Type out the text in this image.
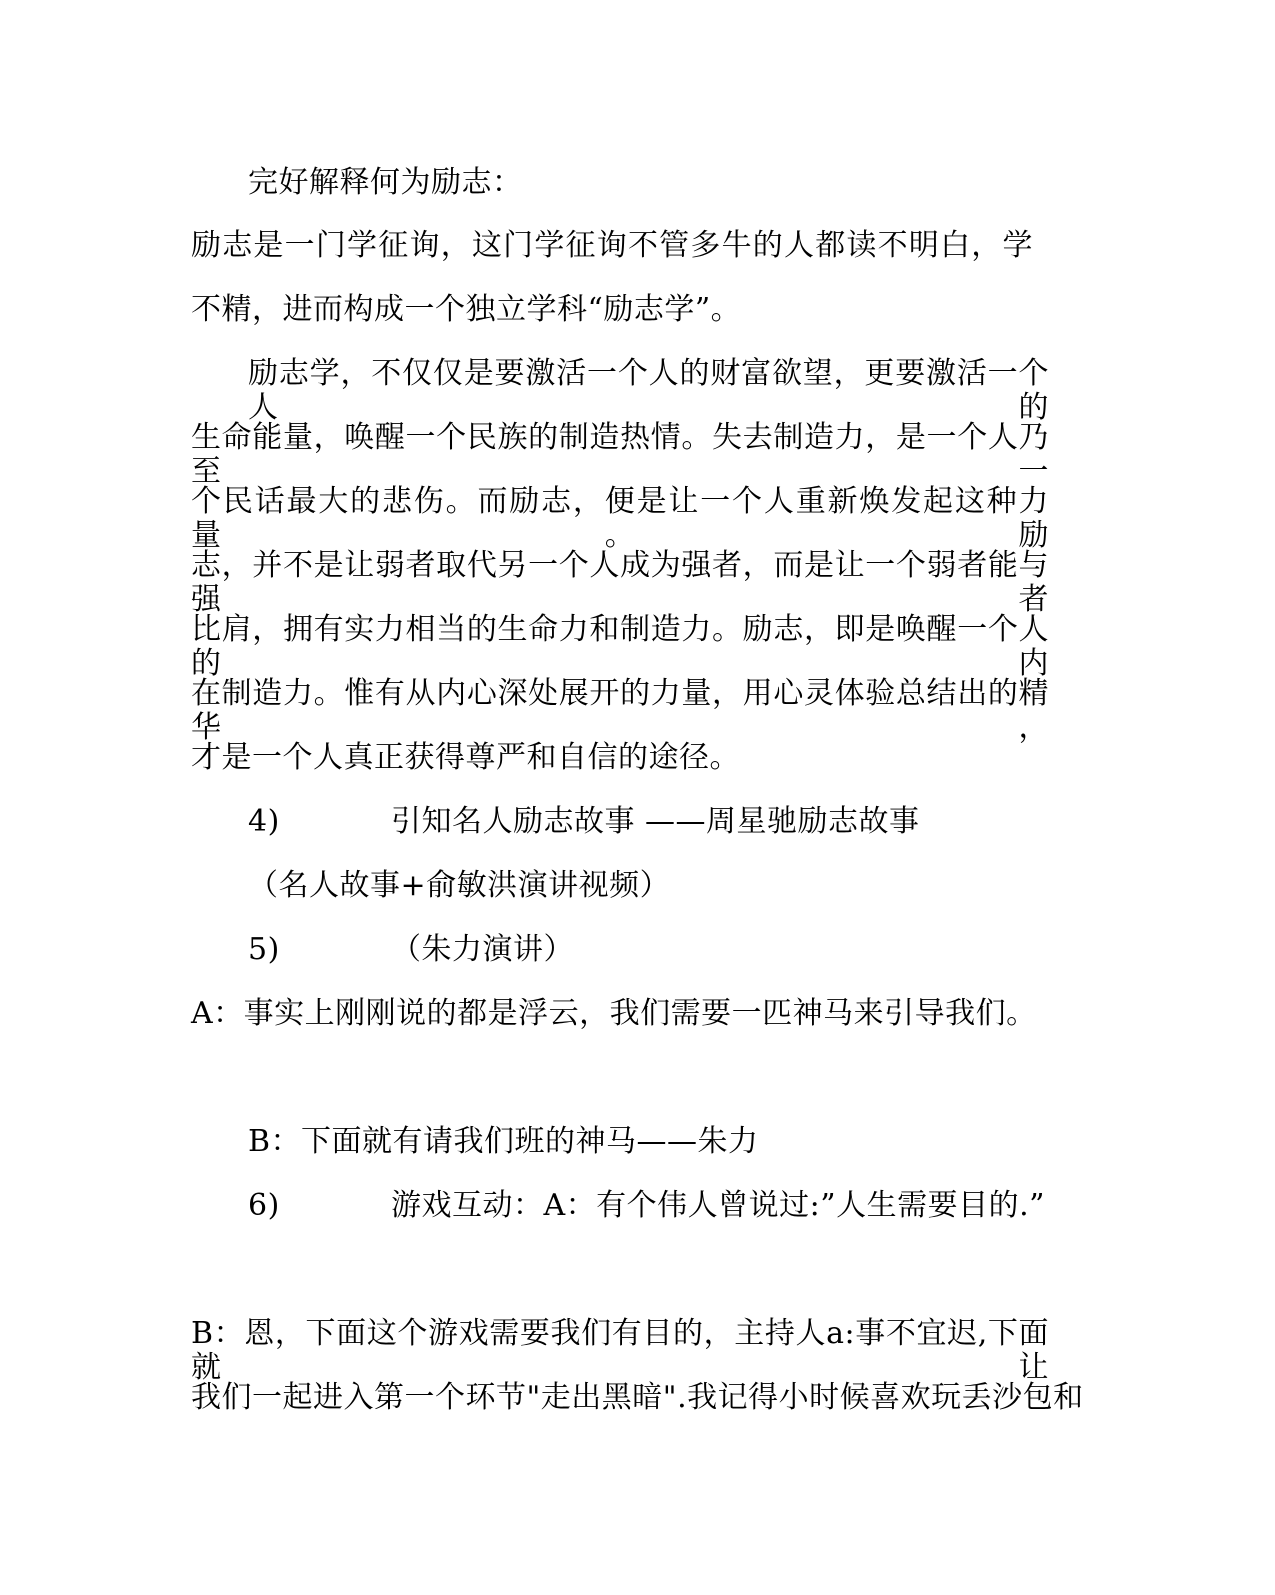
完好解释何为励志：
励志是一门学征询，这门学征询不管多牛的人都读不明白，学
不精，进而构成一个独立学科“励志学”。
励志学，不仅仅是要激活一个人的财富欲望，更要激活一个人的
生命能量，唤醒一个民族的制造热情。失去制造力，是一个人乃至一
个民话最大的悲伤。而励志，便是让一个人重新焕发起这种力量。励
志，并不是让弱者取代另一个人成为强者，而是让一个弱者能与强者
比肩，拥有实力相当的生命力和制造力。励志，即是唤醒一个人的内
在制造力。惟有从内心深处展开的力量，用心灵体验总结出的精华，
才是一个人真正获得尊严和自信的途径。
4)	引知名人励志故事 ——周星驰励志故事
（名人故事+俞敏洪演讲视频）
5)	（朱力演讲）
A：事实上刚刚说的都是浮云，我们需要一匹神马来引导我们。
B：下面就有请我们班的神马——朱力
6)	游戏互动：A：有个伟人曾说过:”人生需要目的.”
B：恩，下面这个游戏需要我们有目的，主持人a:事不宜迟,下面就让
我们一起进入第一个环节"走出黑暗".我记得小时候喜欢玩丢沙包和
